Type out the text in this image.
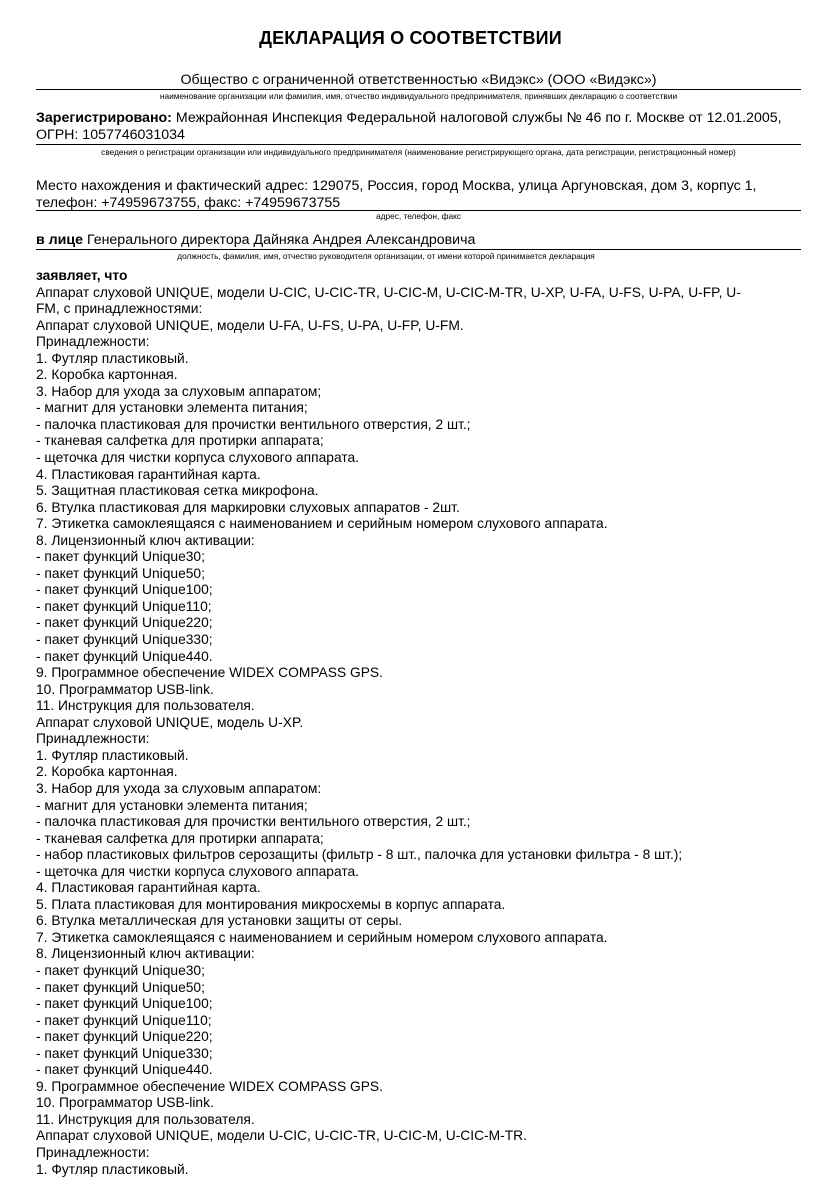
ДЕКЛАРАЦИЯ О СООТВЕТСТВИИ
Общество с ограниченной ответственностью «Видэкс» (ООО «Видэкс»)
наименование организации или фамилия, имя, отчество индивидуального предпринимателя, принявших декларацию о соответствии
Зарегистрировано: Межрайонная Инспекция Федеральной налоговой службы № 46 по г. Москве от 12.01.2005, ОГРН: 1057746031034
сведения о регистрации организации или индивидуального предпринимателя (наименование регистрирующего органа, дата регистрации, регистрационный номер)
Место нахождения и фактический адрес: 129075, Россия, город Москва, улица Аргуновская, дом 3, корпус 1, телефон: +74959673755, факс: +74959673755
адрес, телефон, факс
в лице Генерального директора Дайняка Андрея Александровича
должность, фамилия, имя, отчество руководителя организации, от имени которой принимается декларация
заявляет, что
Аппарат слуховой UNIQUE, модели U-CIC, U-CIC-TR, U-CIC-M, U-CIC-M-TR, U-XP, U-FA, U-FS, U-PA, U-FP, U-
FM, с принадлежностями:
Аппарат слуховой UNIQUE, модели U-FA, U-FS, U-PA, U-FP, U-FM.
Принадлежности:
1. Футляр пластиковый.
2. Коробка картонная.
3. Набор для ухода за слуховым аппаратом;
- магнит для установки элемента питания;
- палочка пластиковая для прочистки вентильного отверстия, 2 шт.;
- тканевая салфетка для протирки аппарата;
- щеточка для чистки корпуса слухового аппарата.
4. Пластиковая гарантийная карта.
5. Защитная пластиковая сетка микрофона.
6. Втулка пластиковая для маркировки слуховых аппаратов - 2шт.
7. Этикетка самоклеящаяся с наименованием и серийным номером слухового аппарата.
8. Лицензионный ключ активации:
- пакет функций Unique30;
- пакет функций Unique50;
- пакет функций Unique100;
- пакет функций Unique110;
- пакет функций Unique220;
- пакет функций Unique330;
- пакет функций Unique440.
9. Программное обеспечение WIDEX COMPASS GPS.
10. Программатор USB-link.
11. Инструкция для пользователя.
Аппарат слуховой UNIQUE, модель U-XP.
Принадлежности:
1. Футляр пластиковый.
2. Коробка картонная.
3. Набор для ухода за слуховым аппаратом:
- магнит для установки элемента питания;
- палочка пластиковая для прочистки вентильного отверстия, 2 шт.;
- тканевая салфетка для протирки аппарата;
- набор пластиковых фильтров серозащиты (фильтр - 8 шт., палочка для установки фильтра - 8 шт.);
- щеточка для чистки корпуса слухового аппарата.
4. Пластиковая гарантийная карта.
5. Плата пластиковая для монтирования микросхемы в корпус аппарата.
6. Втулка металлическая для установки защиты от серы.
7. Этикетка самоклеящаяся с наименованием и серийным номером слухового аппарата.
8. Лицензионный ключ активации:
- пакет функций Unique30;
- пакет функций Unique50;
- пакет функций Unique100;
- пакет функций Unique110;
- пакет функций Unique220;
- пакет функций Unique330;
- пакет функций Unique440.
9. Программное обеспечение WIDEX COMPASS GPS.
10. Программатор USB-link.
11. Инструкция для пользователя.
Аппарат слуховой UNIQUE, модели U-CIC, U-CIC-TR, U-CIC-M, U-CIC-M-TR.
Принадлежности:
1. Футляр пластиковый.
